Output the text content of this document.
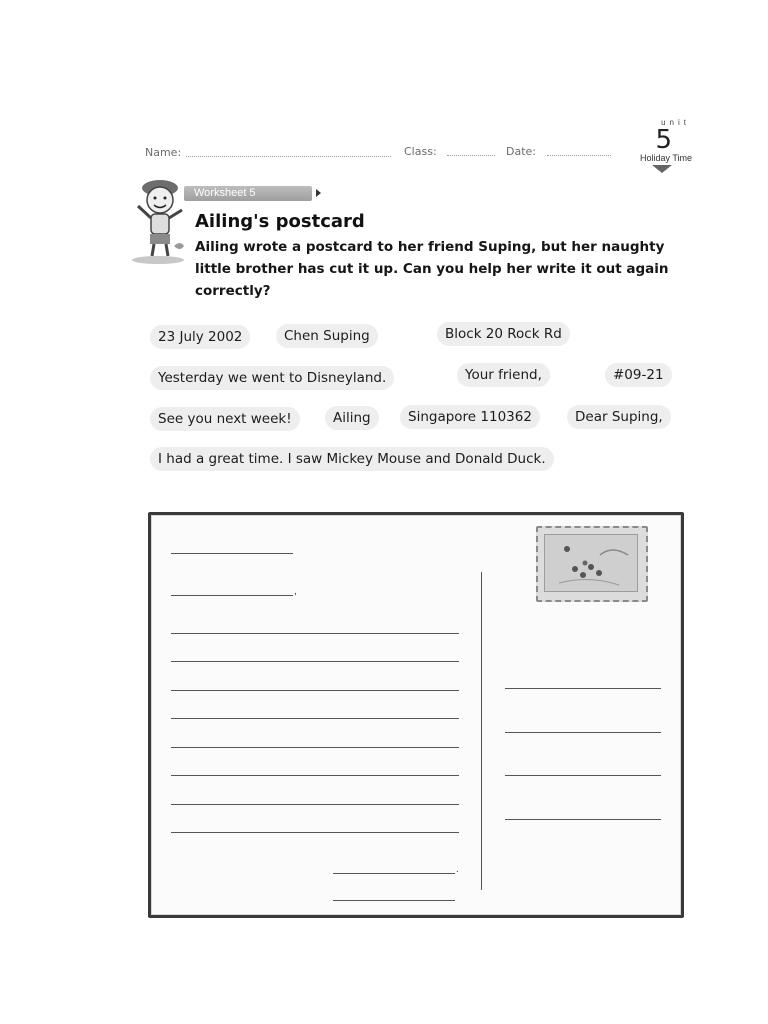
Name:	Class:	Date:
unit
5
Holiday Time
Worksheet 5
Ailing's postcard
Ailing wrote a postcard to her friend Suping, but her naughty little brother has cut it up. Can you help her write it out again correctly?
23 July 2002	Chen Suping	Block 20 Rock Rd
Yesterday we went to Disneyland.	Your friend,	#09-21
See you next week!	Ailing	Singapore 110362	Dear Suping,
I had a great time. I saw Mickey Mouse and Donald Duck.
,
.
